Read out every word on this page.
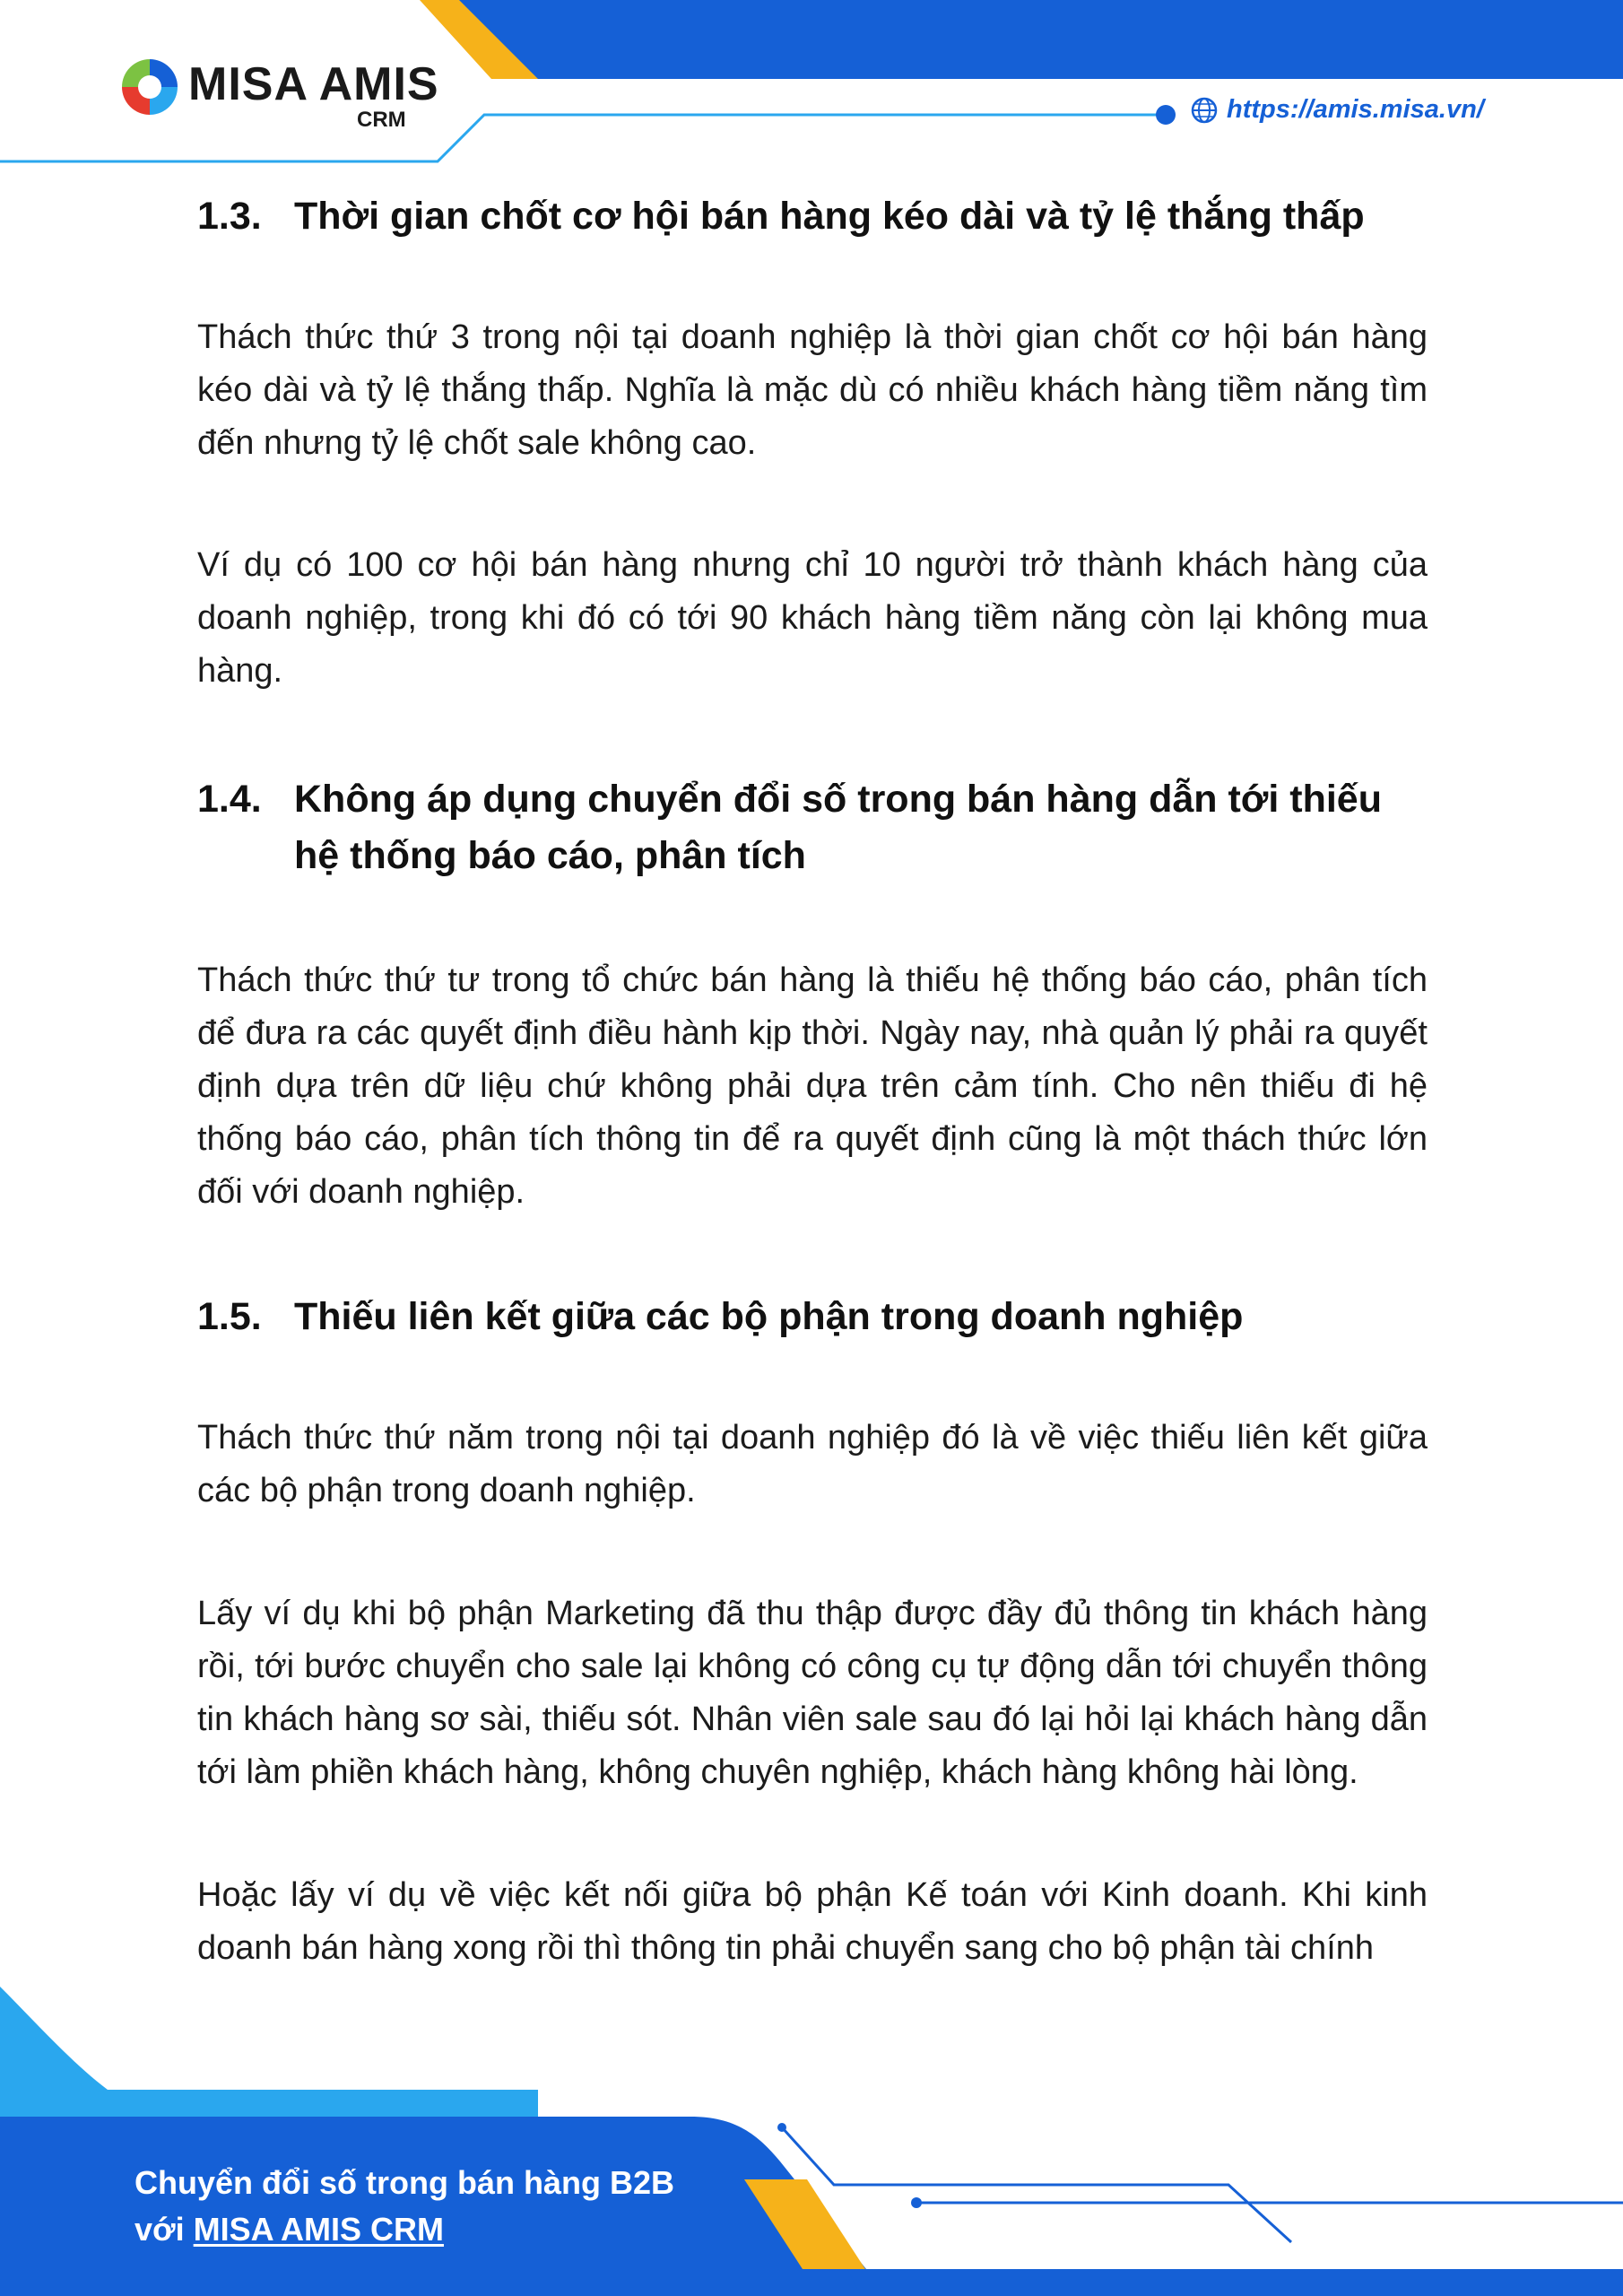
MISA AMIS
CRM	https://amis.misa.vn/
1.3. Thời gian chốt cơ hội bán hàng kéo dài và tỷ lệ thắng thấp

Thách thức thứ 3 trong nội tại doanh nghiệp là thời gian chốt cơ hội bán hàng kéo dài và tỷ lệ thắng thấp. Nghĩa là mặc dù có nhiều khách hàng tiềm năng tìm đến nhưng tỷ lệ chốt sale không cao.

Ví dụ có 100 cơ hội bán hàng nhưng chỉ 10 người trở thành khách hàng của doanh nghiệp, trong khi đó có tới 90 khách hàng tiềm năng còn lại không mua hàng.

1.4. Không áp dụng chuyển đổi số trong bán hàng dẫn tới thiếu hệ thống báo cáo, phân tích

Thách thức thứ tư trong tổ chức bán hàng là thiếu hệ thống báo cáo, phân tích để đưa ra các quyết định điều hành kịp thời. Ngày nay, nhà quản lý phải ra quyết định dựa trên dữ liệu chứ không phải dựa trên cảm tính. Cho nên thiếu đi hệ thống báo cáo, phân tích thông tin để ra quyết định cũng là một thách thức lớn đối với doanh nghiệp.

1.5. Thiếu liên kết giữa các bộ phận trong doanh nghiệp

Thách thức thứ năm trong nội tại doanh nghiệp đó là về việc thiếu liên kết giữa các bộ phận trong doanh nghiệp.

Lấy ví dụ khi bộ phận Marketing đã thu thập được đầy đủ thông tin khách hàng rồi, tới bước chuyển cho sale lại không có công cụ tự động dẫn tới chuyển thông tin khách hàng sơ sài, thiếu sót. Nhân viên sale sau đó lại hỏi lại khách hàng dẫn tới làm phiền khách hàng, không chuyên nghiệp, khách hàng không hài lòng.

Hoặc lấy ví dụ về việc kết nối giữa bộ phận Kế toán với Kinh doanh. Khi kinh doanh bán hàng xong rồi thì thông tin phải chuyển sang cho bộ phận tài chính

Chuyển đổi số trong bán hàng B2B
với MISA AMIS CRM
